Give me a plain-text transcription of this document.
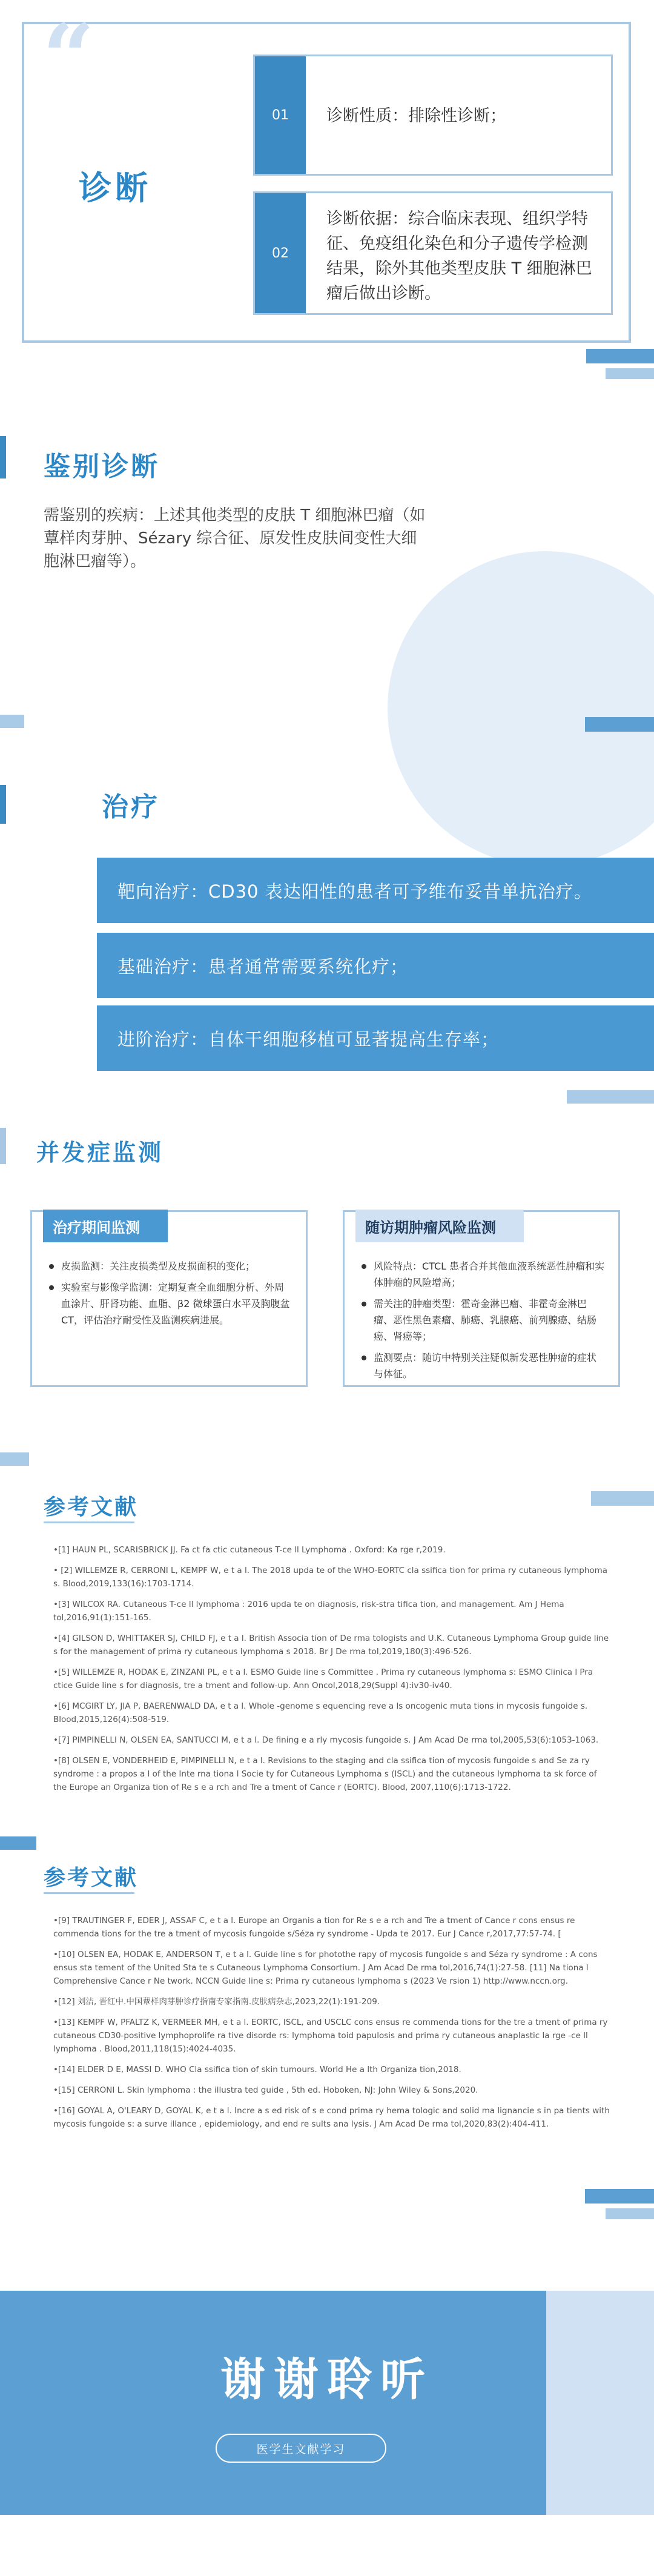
“
诊断
01	诊断性质：排除性诊断；
02
诊断依据：综合临床表现、组织学特征、免疫组化染色和分子遗传学检测结果，除外其他类型皮肤 T 细胞淋巴瘤后做出诊断。
鉴别诊断
需鉴别的疾病：上述其他类型的皮肤 T 细胞淋巴瘤（如蕈样肉芽肿、Sézary 综合征、原发性皮肤间变性大细胞淋巴瘤等）。
治疗
靶向治疗：CD30 表达阳性的患者可予维布妥昔单抗治疗。
基础治疗：患者通常需要系统化疗；
进阶治疗：自体干细胞移植可显著提高生存率；
并发症监测
治疗期间监测
皮损监测：关注皮损类型及皮损面积的变化；
实验室与影像学监测：定期复查全血细胞分析、外周血涂片、肝肾功能、血脂、β2 微球蛋白水平及胸腹盆 CT，评估治疗耐受性及监测疾病进展。
随访期肿瘤风险监测
风险特点：CTCL 患者合并其他血液系统恶性肿瘤和实体肿瘤的风险增高；
需关注的肿瘤类型：霍奇金淋巴瘤、非霍奇金淋巴瘤、恶性黑色素瘤、肺癌、乳腺癌、前列腺癌、结肠癌、肾癌等；
监测要点：随访中特别关注疑似新发恶性肿瘤的症状与体征。
参考文献
•[1] HAUN PL, SCARISBRICK JJ. Fa ct fa ctic cutaneous T-ce ll Lymphoma . Oxford: Ka rge r,2019.
• [2] WILLEMZE R, CERRONI L, KEMPF W, e t a l. The 2018 upda te of the WHO-EORTC cla ssifica tion for prima ry cutaneous lymphoma s. Blood,2019,133(16):1703-1714.
•[3] WILCOX RA. Cutaneous T-ce ll lymphoma : 2016 upda te on diagnosis, risk-stra tifica tion, and management. Am J Hema tol,2016,91(1):151-165.
•[4] GILSON D, WHITTAKER SJ, CHILD FJ, e t a l. British Associa tion of De rma tologists and U.K. Cutaneous Lymphoma Group guide line s for the management of prima ry cutaneous lymphoma s 2018. Br J De rma tol,2019,180(3):496-526.
•[5] WILLEMZE R, HODAK E, ZINZANI PL, e t a l. ESMO Guide line s Committee . Prima ry cutaneous lymphoma s: ESMO Clinica l Pra ctice Guide line s for diagnosis, tre a tment and follow-up. Ann Oncol,2018,29(Suppl 4):iv30-iv40.
•[6] MCGIRT LY, JIA P, BAERENWALD DA, e t a l. Whole -genome s equencing reve a ls oncogenic muta tions in mycosis fungoide s. Blood,2015,126(4):508-519.
•[7] PIMPINELLI N, OLSEN EA, SANTUCCI M, e t a l. De fining e a rly mycosis fungoide s. J Am Acad De rma tol,2005,53(6):1053-1063.
•[8] OLSEN E, VONDERHEID E, PIMPINELLI N, e t a l. Revisions to the staging and cla ssifica tion of mycosis fungoide s and Se za ry syndrome : a propos a l of the Inte rna tiona l Socie ty for Cutaneous Lymphoma s (ISCL) and the cutaneous lymphoma ta sk force of the Europe an Organiza tion of Re s e a rch and Tre a tment of Cance r (EORTC). Blood, 2007,110(6):1713-1722.
参考文献
•[9] TRAUTINGER F, EDER J, ASSAF C, e t a l. Europe an Organis a tion for Re s e a rch and Tre a tment of Cance r cons ensus re commenda tions for the tre a tment of mycosis fungoide s/Séza ry syndrome - Upda te 2017. Eur J Cance r,2017,77:57-74. [
•[10] OLSEN EA, HODAK E, ANDERSON T, e t a l. Guide line s for photothe rapy of mycosis fungoide s and Séza ry syndrome : A cons ensus sta tement of the United Sta te s Cutaneous Lymphoma Consortium. J Am Acad De rma tol,2016,74(1):27-58. [11] Na tiona l Comprehensive Cance r Ne twork. NCCN Guide line s: Prima ry cutaneous lymphoma s (2023 Ve rsion 1) http://www.nccn.org.
•[12] 刘洁, 晋红中.中国蕈样肉芽肿诊疗指南专家指南.皮肤病杂志,2023,22(1):191-209.
•[13] KEMPF W, PFALTZ K, VERMEER MH, e t a l. EORTC, ISCL, and USCLC cons ensus re commenda tions for the tre a tment of prima ry cutaneous CD30-positive lymphoprolife ra tive disorde rs: lymphoma toid papulosis and prima ry cutaneous anaplastic la rge -ce ll lymphoma . Blood,2011,118(15):4024-4035.
•[14] ELDER D E, MASSI D. WHO Cla ssifica tion of skin tumours. World He a lth Organiza tion,2018.
•[15] CERRONI L. Skin lymphoma : the illustra ted guide , 5th ed. Hoboken, NJ: John Wiley & Sons,2020.
•[16] GOYAL A, O'LEARY D, GOYAL K, e t a l. Incre a s ed risk of s e cond prima ry hema tologic and solid ma lignancie s in pa tients with mycosis fungoide s: a surve illance , epidemiology, and end re sults ana lysis. J Am Acad De rma tol,2020,83(2):404-411.
谢谢聆听
医学生文献学习
